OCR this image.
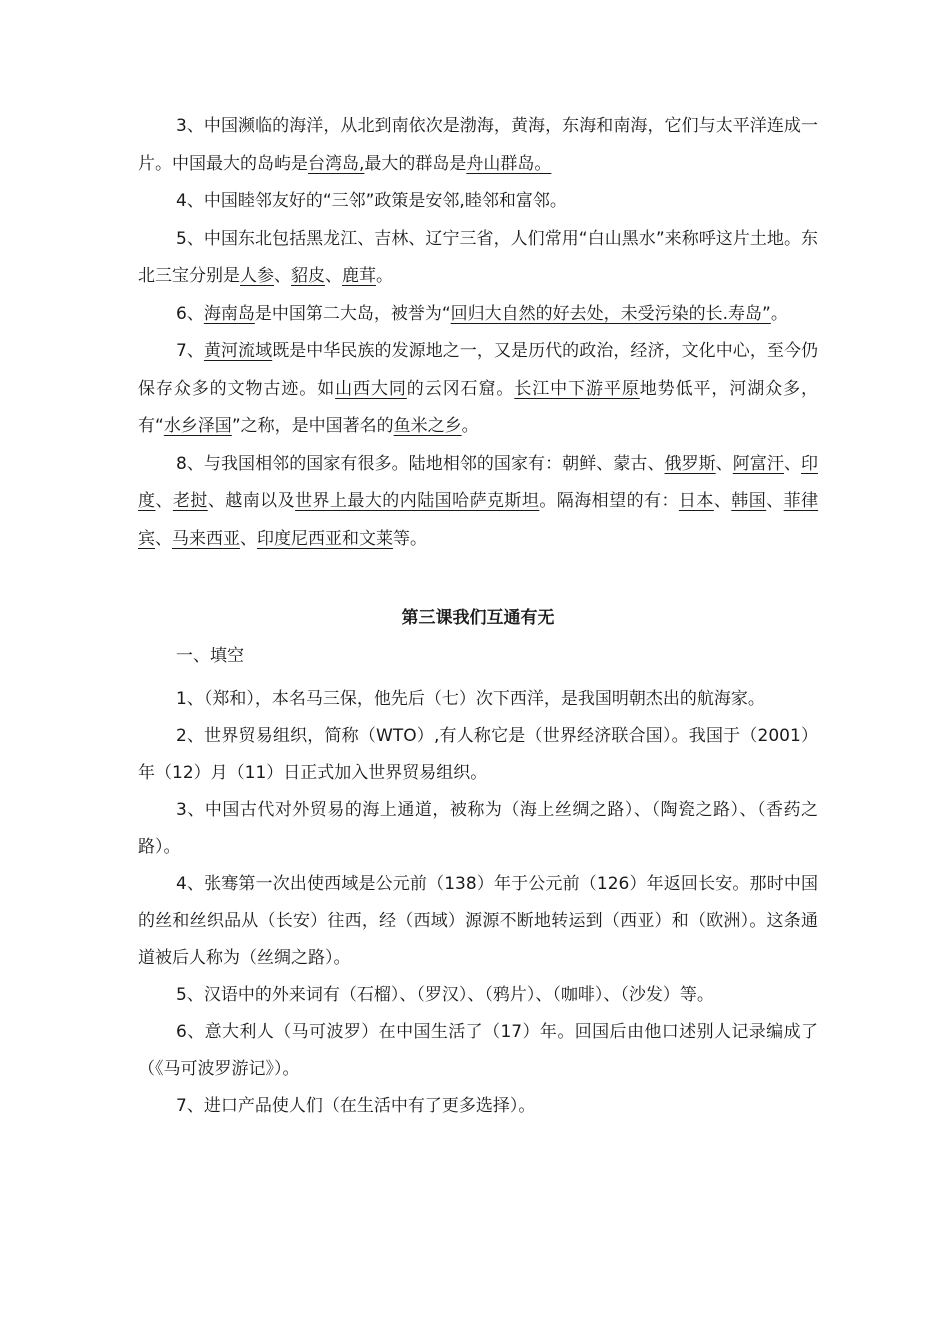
3、中国濒临的海洋，从北到南依次是渤海，黄海，东海和南海，它们与太平洋连成一片。中国最大的岛屿是台湾岛,最大的群岛是舟山群岛。

4、中国睦邻友好的“三邻”政策是安邻,睦邻和富邻。

5、中国东北包括黑龙江、吉林、辽宁三省，人们常用“白山黑水”来称呼这片土地。东北三宝分别是人参、貂皮、鹿茸。

6、海南岛是中国第二大岛，被誉为“回归大自然的好去处，未受污染的长.寿岛”。

7、黄河流域既是中华民族的发源地之一，又是历代的政治，经济，文化中心，至今仍保存众多的文物古迹。如山西大同的云冈石窟。长江中下游平原地势低平，河湖众多，有“水乡泽国”之称，是中国著名的鱼米之乡。

8、与我国相邻的国家有很多。陆地相邻的国家有：朝鲜、蒙古、俄罗斯、阿富汗、印度、老挝、越南以及世界上最大的内陆国哈萨克斯坦。隔海相望的有：日本、韩国、菲律宾、马来西亚、印度尼西亚和文莱等。

第三课我们互通有无

一、填空

1、（郑和），本名马三保，他先后（七）次下西洋，是我国明朝杰出的航海家。

2、世界贸易组织，简称（WTO）,有人称它是（世界经济联合国）。我国于（2001）年（12）月（11）日正式加入世界贸易组织。

3、中国古代对外贸易的海上通道，被称为（海上丝绸之路）、（陶瓷之路）、（香药之路）。

4、张骞第一次出使西域是公元前（138）年于公元前（126）年返回长安。那时中国的丝和丝织品从（长安）往西，经（西域）源源不断地转运到（西亚）和（欧洲）。这条通道被后人称为（丝绸之路）。

5、汉语中的外来词有（石榴）、（罗汉）、（鸦片）、（咖啡）、（沙发）等。

6、意大利人（马可波罗）在中国生活了（17）年。回国后由他口述别人记录编成了（《马可波罗游记》）。

7、进口产品使人们（在生活中有了更多选择）。
